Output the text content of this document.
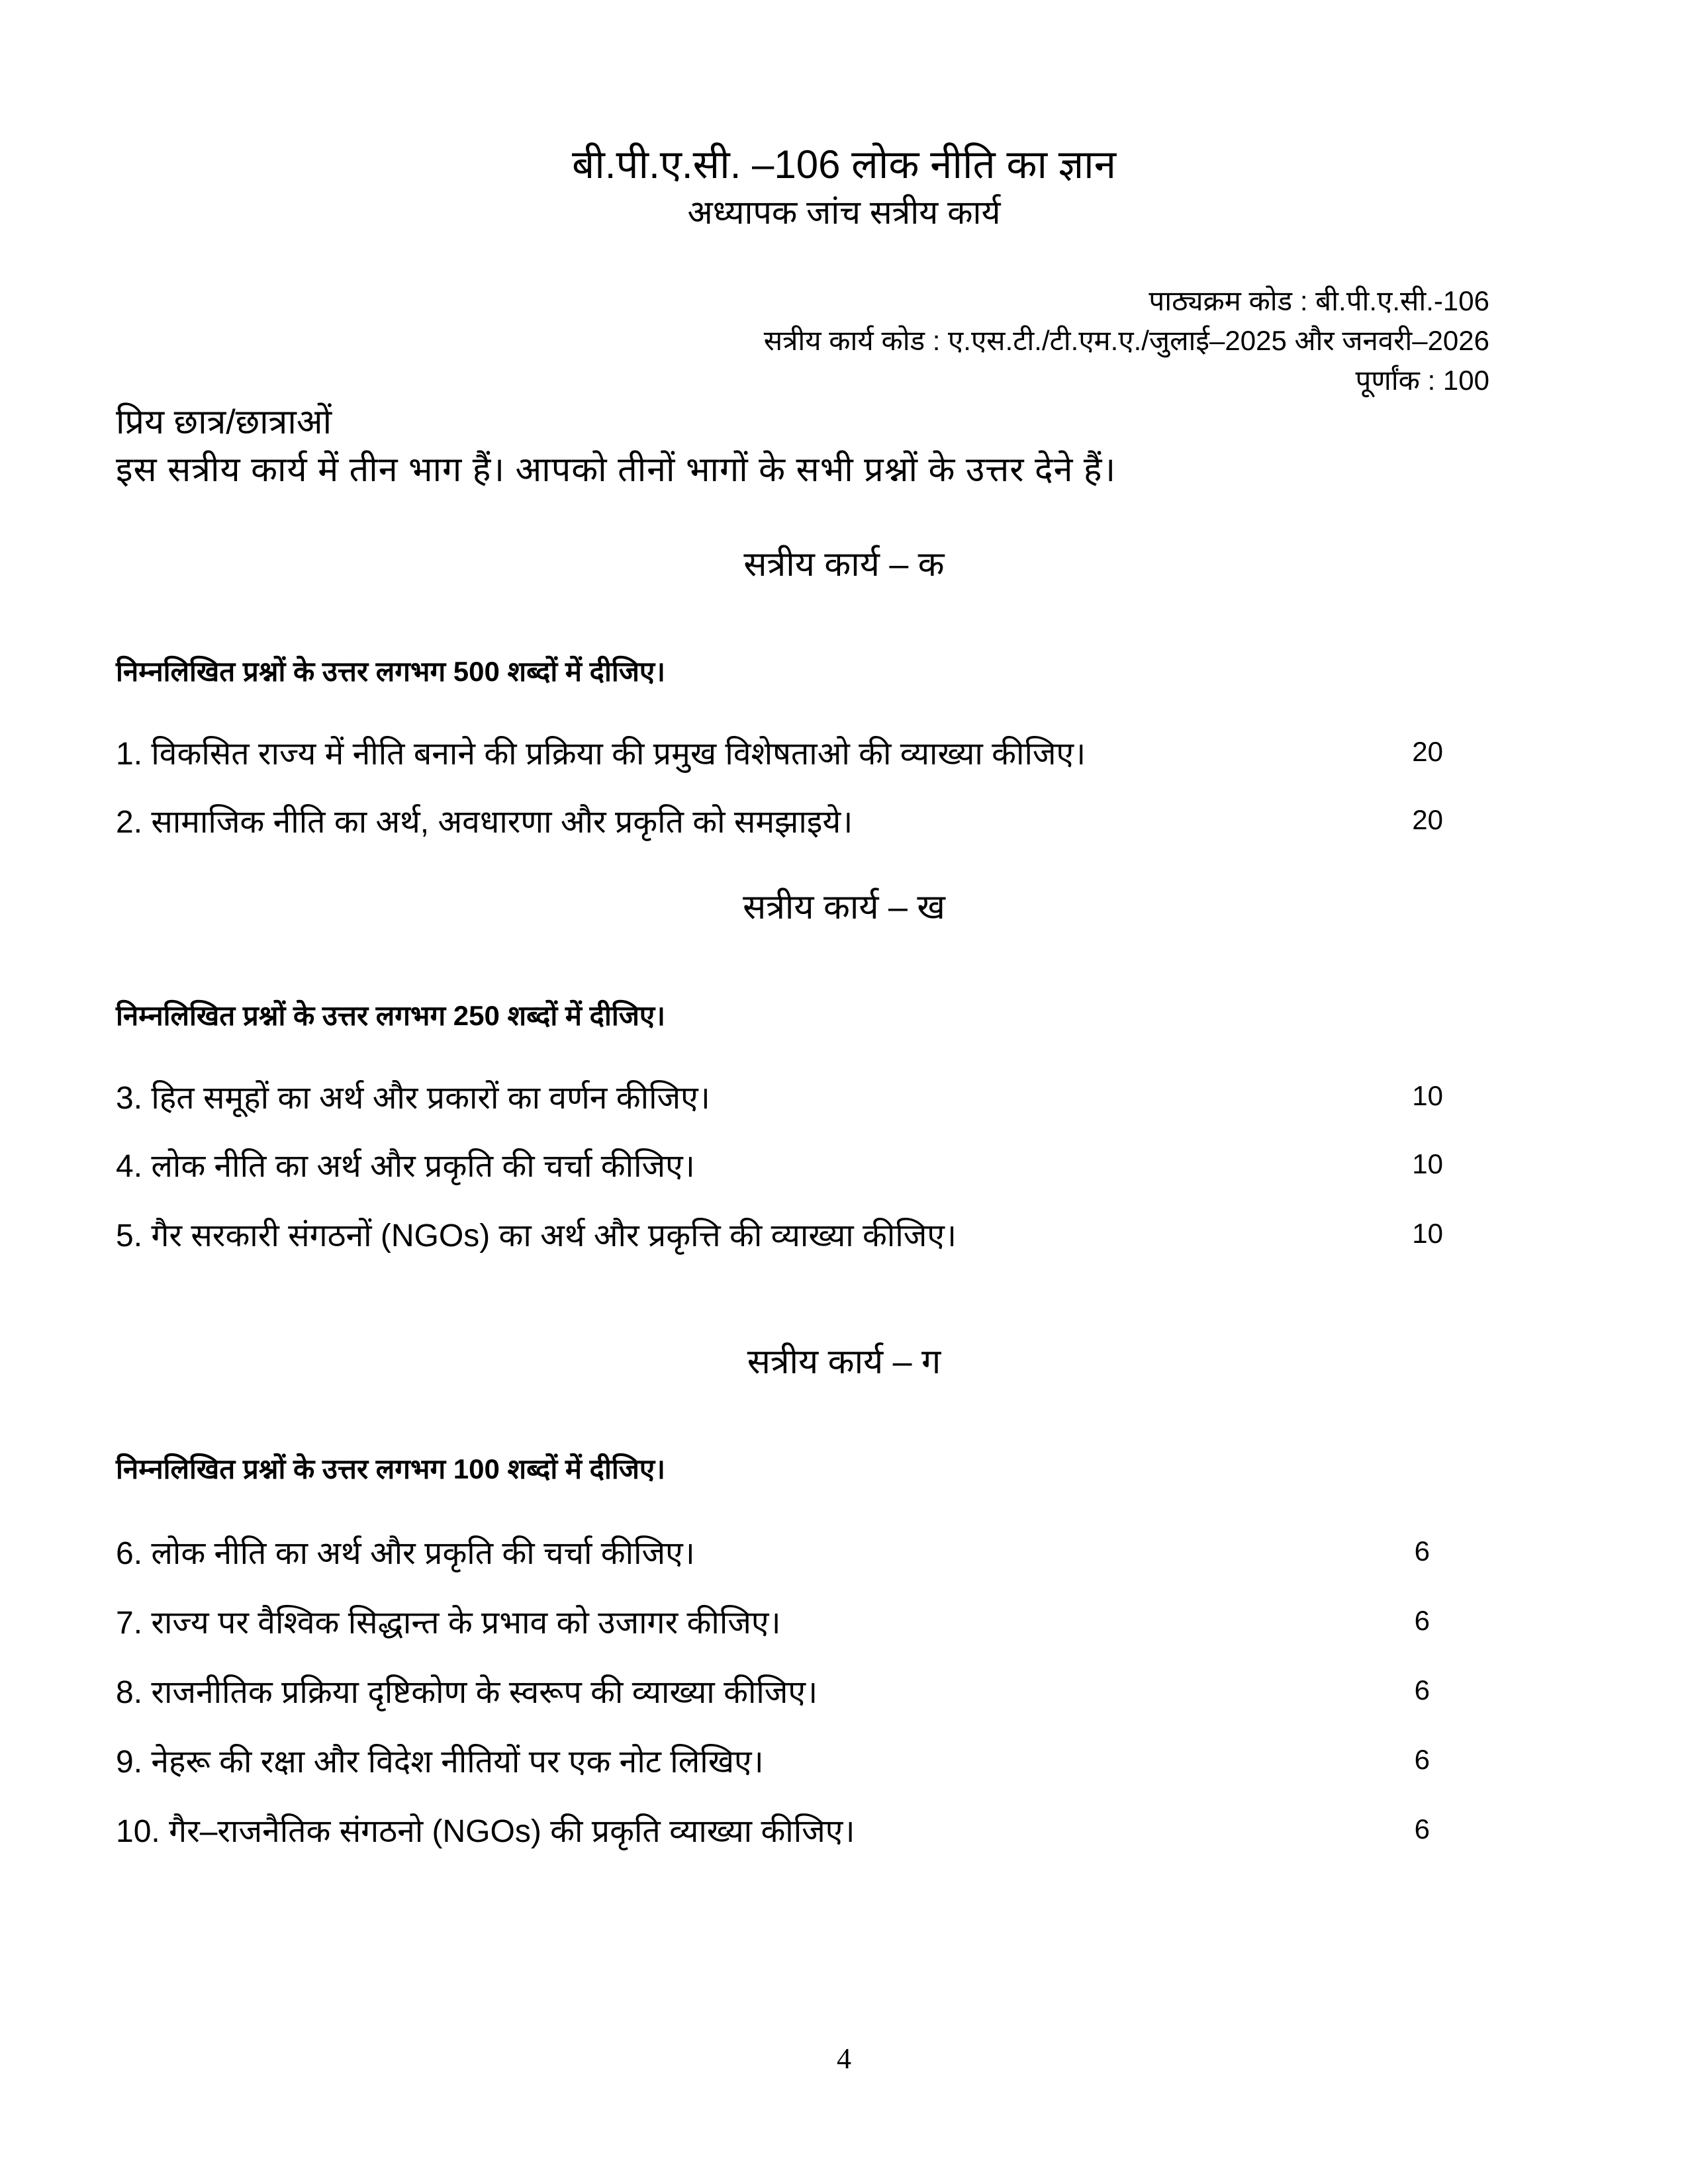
बी.पी.ए.सी. –106 लोक नीति का ज्ञान
अध्यापक जांच सत्रीय कार्य
पाठ्यक्रम कोड : बी.पी.ए.सी.-106
सत्रीय कार्य कोड : ए.एस.टी./टी.एम.ए./जुलाई–2025 और जनवरी–2026
पूर्णांक : 100
प्रिय छात्र/छात्राओं
इस सत्रीय कार्य में तीन भाग हैं। आपको तीनों भागों के सभी प्रश्नों के उत्तर देने हैं।
सत्रीय कार्य – क
निम्नलिखित प्रश्नों के उत्तर लगभग 500 शब्दों में दीजिए।
1. विकसित राज्य में नीति बनाने की प्रक्रिया की प्रमुख विशेषताओ की व्याख्या कीजिए।	20
2. सामाजिक नीति का अर्थ, अवधारणा और प्रकृति को समझाइये।	20
सत्रीय कार्य – ख
निम्नलिखित प्रश्नों के उत्तर लगभग 250 शब्दों में दीजिए।
3. हित समूहों का अर्थ और प्रकारों का वर्णन कीजिए।	10
4. लोक नीति का अर्थ और प्रकृति की चर्चा कीजिए।	10
5. गैर सरकारी संगठनों (NGOs) का अर्थ और प्रकृत्ति की व्याख्या कीजिए।	10
सत्रीय कार्य – ग
निम्नलिखित प्रश्नों के उत्तर लगभग 100 शब्दों में दीजिए।
6. लोक नीति का अर्थ और प्रकृति की चर्चा कीजिए।	6
7. राज्य पर वैश्विक सिद्धान्त के प्रभाव को उजागर कीजिए।	6
8. राजनीतिक प्रक्रिया दृष्टिकोण के स्वरूप की व्याख्या कीजिए।	6
9. नेहरू की रक्षा और विदेश नीतियों पर एक नोट लिखिए।	6
10. गैर–राजनैतिक संगठनो (NGOs) की प्रकृति व्याख्या कीजिए।	6
4
